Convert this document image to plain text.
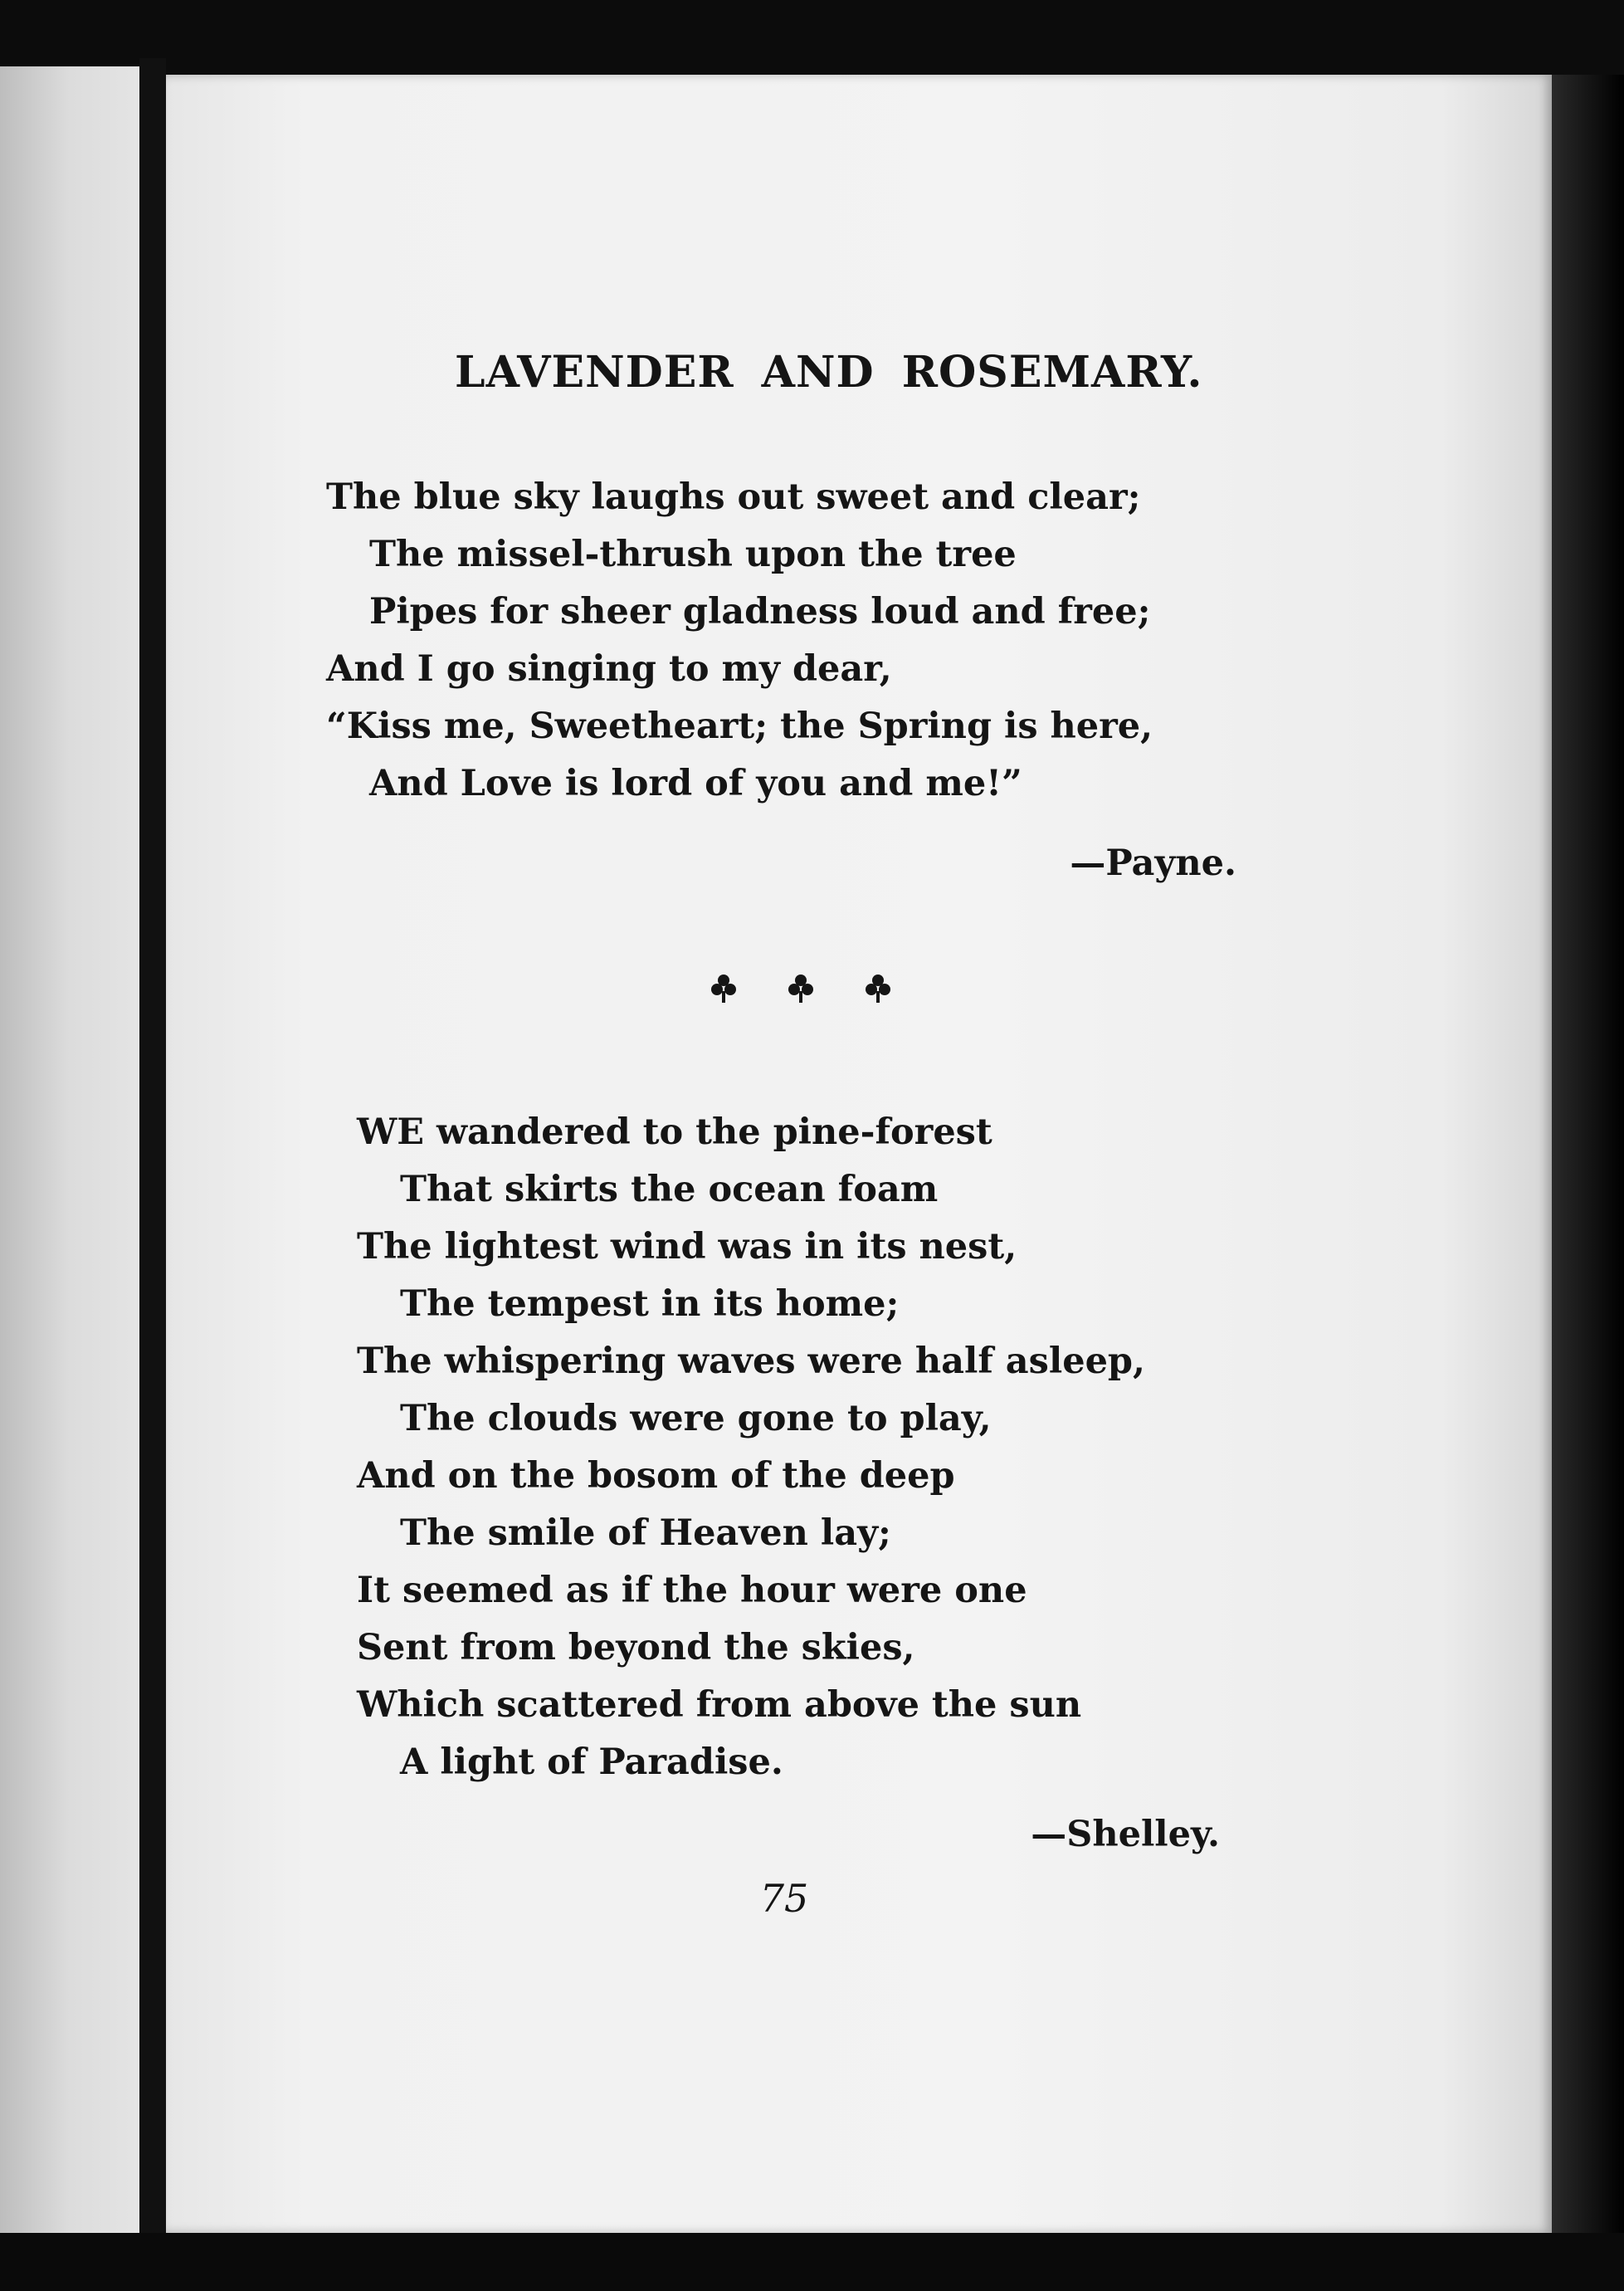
LAVENDER AND ROSEMARY.
The blue sky laughs out sweet and clear;
The missel-thrush upon the tree
Pipes for sheer gladness loud and free;
And I go singing to my dear,
“Kiss me, Sweetheart; the Spring is here,
And Love is lord of you and me!”
—Payne.
WE wandered to the pine-forest
That skirts the ocean foam
The lightest wind was in its nest,
The tempest in its home;
The whispering waves were half asleep,
The clouds were gone to play,
And on the bosom of the deep
The smile of Heaven lay;
It seemed as if the hour were one
Sent from beyond the skies,
Which scattered from above the sun
A light of Paradise.
—Shelley.
75
